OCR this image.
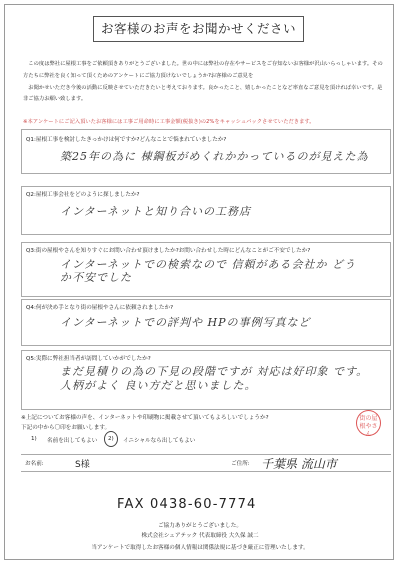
お客様のお声をお聞かせください

この度は弊社に屋根工事をご依頼頂きありがとうございました。世の中には弊社の存在やサービスをご存知ないお客様が沢山いらっしゃいます。その方たちに弊社を良く知って頂くためのアンケートにご協力頂けないでしょうか?お客様のご意見を

お聞かせいただき今後の活動に反映させていただきたいと考えております。良かったこと、嬉しかったことなど率直なご意見を頂ければ幸いです。是非ご協力お願い致します。

※本アンケートにご記入頂いたお客様には工事ご用命時に工事金額(税抜き)の2%をキャッシュバックさせていただきます。
Q1:屋根工事を検討したきっかけは何ですか?どんなことで悩まれていましたか?
築25年の為に 棟鋼板がめくれかかっているのが見えた為
Q2:屋根工事会社をどのように探しましたか?
インターネットと知り合いの工務店
Q3:街の屋根やさんを知りすぐにお問い合わせ頂けましたか?お問い合わせした時にどんなことがご不安でしたか?
インターネットでの検索なので 信頼がある会社か どうか不安でした
Q4:何が決め手となり街の屋根やさんに依頼されましたか?
インターネットでの評判や HPの事例写真など
Q5:実際に弊社担当者が訪問していかがでしたか?
まだ見積りの為の下見の段階ですが 対応は好印象 です。 人柄がよく 良い方だと思いました。
※上記についてお客様の声を、インターネットや印刷物に掲載させて頂いてもよろしいでしょうか?
下記の中から〇印をお願いします。
1) 名前を出してもよい 2) イニシャルなら出してもよい
街の屋根やさん
お名前:	S様	ご住所: 千葉県 流山市
FAX 0438-60-7774
ご協力ありがとうございました。
株式会社シェアテック 代表取締役 大久保 誠二
当アンケートで取得したお客様の個人情報は関係法規に基づき厳正に管理いたします。
